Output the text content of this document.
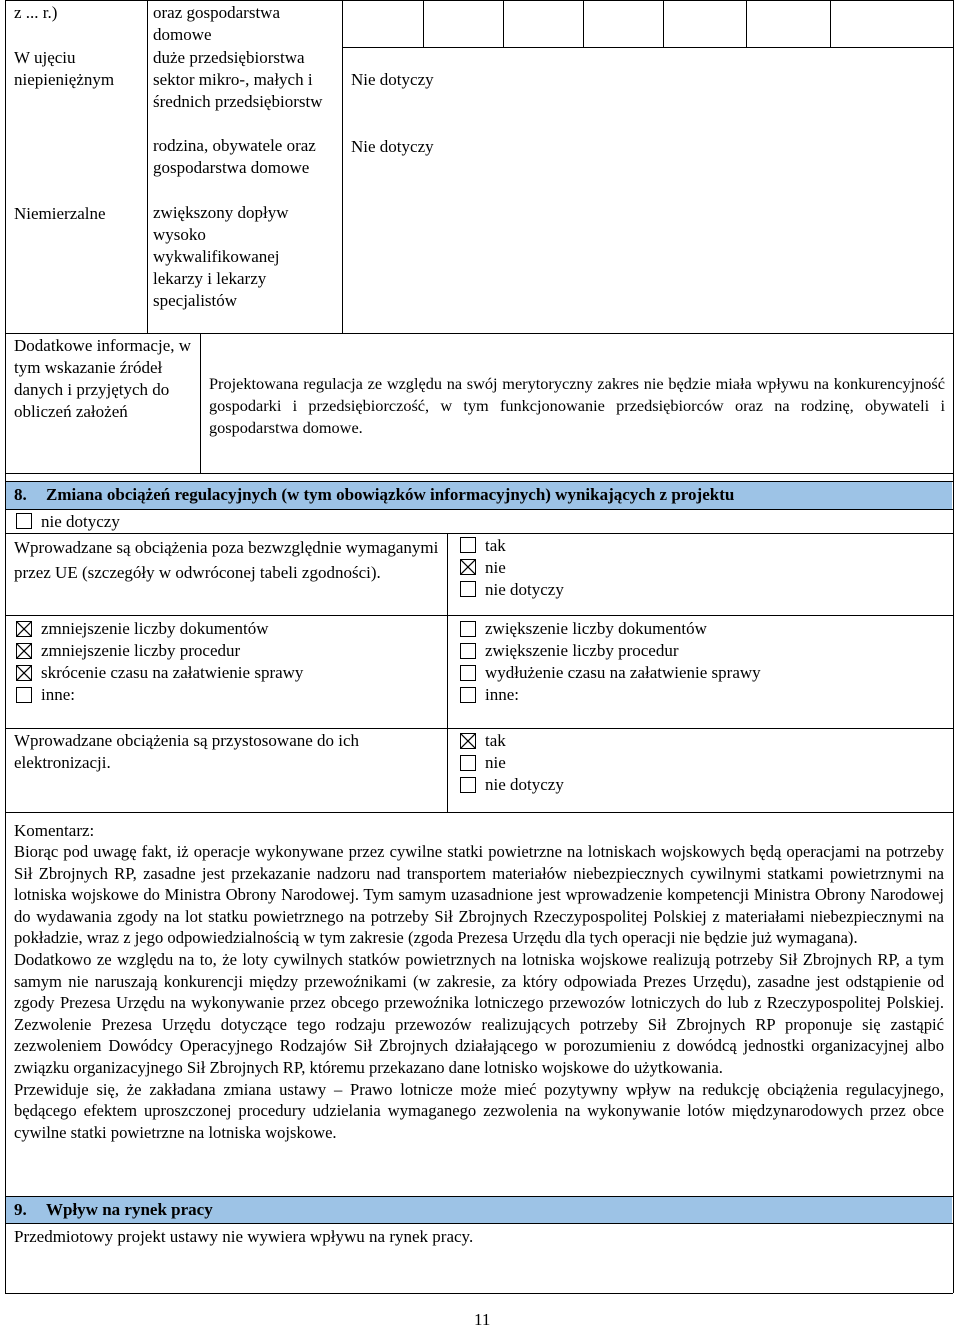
z ... r.)	oraz gospodarstwa domowe
W ujęciu niepieniężnym
duże przedsiębiorstwa
sektor mikro-, małych i średnich przedsiębiorstw
rodzina, obywatele oraz gospodarstwa domowe
Nie dotyczy
Nie dotyczy
Niemierzalne	zwiększony dopływ wysoko wykwalifikowanej lekarzy i lekarzy specjalistów
Dodatkowe informacje, w tym wskazanie źródeł danych i przyjętych do obliczeń założeń
Projektowana regulacja ze względu na swój merytoryczny zakres nie będzie miała wpływu na konkurencyjność gospodarki i przedsiębiorczość, w tym funkcjonowanie przedsiębiorców oraz na rodzinę, obywateli i gospodarstwa domowe.
8. Zmiana obciążeń regulacyjnych (w tym obowiązków informacyjnych) wynikających z projektu
nie dotyczy
Wprowadzane są obciążenia poza bezwzględnie wymaganymi przez UE (szczegóły w odwróconej tabeli zgodności).
tak
nie
nie dotyczy
zmniejszenie liczby dokumentów
zmniejszenie liczby procedur
skrócenie czasu na załatwienie sprawy
inne:
zwiększenie liczby dokumentów
zwiększenie liczby procedur
wydłużenie czasu na załatwienie sprawy
inne:
Wprowadzane obciążenia są przystosowane do ich elektronizacji.
tak
nie
nie dotyczy
Komentarz:
Biorąc pod uwagę fakt, iż operacje wykonywane przez cywilne statki powietrzne na lotniskach wojskowych będą operacjami na potrzeby Sił Zbrojnych RP, zasadne jest przekazanie nadzoru nad transportem materiałów niebezpiecznych cywilnymi statkami powietrznymi na lotniska wojskowe do Ministra Obrony Narodowej. Tym samym uzasadnione jest wprowadzenie kompetencji Ministra Obrony Narodowej do wydawania zgody na lot statku powietrznego na potrzeby Sił Zbrojnych Rzeczypospolitej Polskiej z materiałami niebezpiecznymi na pokładzie, wraz z jego odpowiedzialnością w tym zakresie (zgoda Prezesa Urzędu dla tych operacji nie będzie już wymagana).
Dodatkowo ze względu na to, że loty cywilnych statków powietrznych na lotniska wojskowe realizują potrzeby Sił Zbrojnych RP, a tym samym nie naruszają konkurencji między przewoźnikami (w zakresie, za który odpowiada Prezes Urzędu), zasadne jest odstąpienie od zgody Prezesa Urzędu na wykonywanie przez obcego przewoźnika lotniczego przewozów lotniczych do lub z Rzeczypospolitej Polskiej. Zezwolenie Prezesa Urzędu dotyczące tego rodzaju przewozów realizujących potrzeby Sił Zbrojnych RP proponuje się zastąpić zezwoleniem Dowódcy Operacyjnego Rodzajów Sił Zbrojnych działającego w porozumieniu z dowódcą jednostki organizacyjnej albo związku organizacyjnego Sił Zbrojnych RP, któremu przekazano dane lotnisko wojskowe do użytkowania.
Przewiduje się, że zakładana zmiana ustawy – Prawo lotnicze może mieć pozytywny wpływ na redukcję obciążenia regulacyjnego, będącego efektem uproszczonej procedury udzielania wymaganego zezwolenia na wykonywanie lotów międzynarodowych przez obce cywilne statki powietrzne na lotniska wojskowe.
9. Wpływ na rynek pracy
Przedmiotowy projekt ustawy nie wywiera wpływu na rynek pracy.
11
